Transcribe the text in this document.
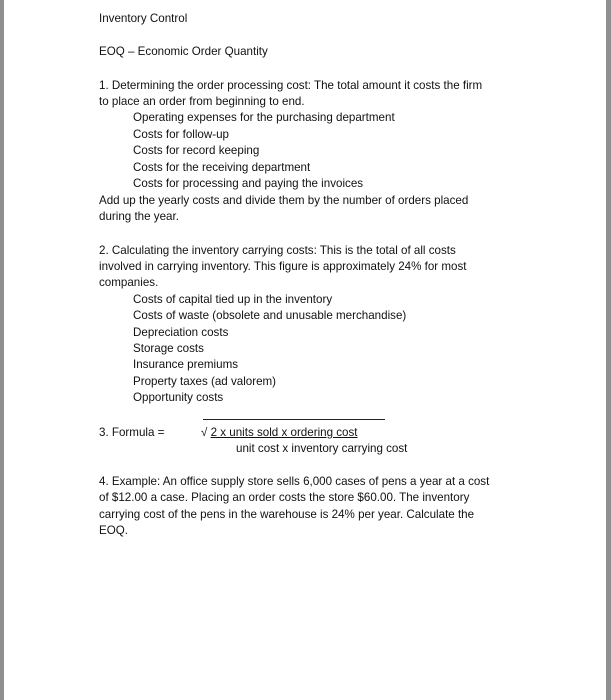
Inventory Control
EOQ – Economic Order Quantity
1. Determining the order processing cost: The total amount it costs the firm
to place an order from beginning to end.
Operating expenses for the purchasing department
Costs for follow-up
Costs for record keeping
Costs for the receiving department
Costs for processing and paying the invoices
Add up the yearly costs and divide them by the number of orders placed
during the year.
2. Calculating the inventory carrying costs: This is the total of all costs
involved in carrying inventory. This figure is approximately 24% for most
companies.
Costs of capital tied up in the inventory
Costs of waste (obsolete and unusable merchandise)
Depreciation costs
Storage costs
Insurance premiums
Property taxes (ad valorem)
Opportunity costs
3. Formula =	√ 2 x units sold x ordering cost
unit cost x inventory carrying cost
4. Example: An office supply store sells 6,000 cases of pens a year at a cost
of $12.00 a case. Placing an order costs the store $60.00. The inventory
carrying cost of the pens in the warehouse is 24% per year. Calculate the
EOQ.
